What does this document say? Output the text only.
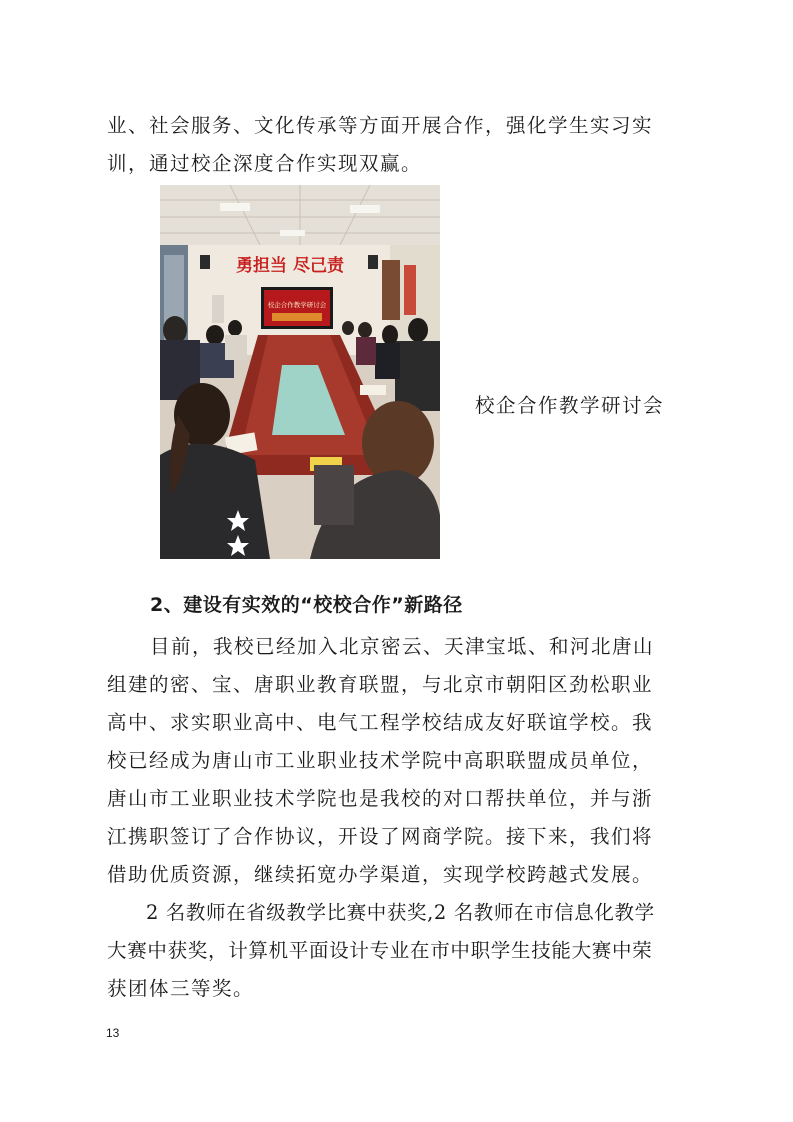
业、社会服务、文化传承等方面开展合作，强化学生实习实
训，通过校企深度合作实现双赢。
勇担当 尽己责
校企合作教学研讨会
校企合作教学研讨会
2、建设有实效的“校校合作”新路径
目前，我校已经加入北京密云、天津宝坻、和河北唐山
组建的密、宝、唐职业教育联盟，与北京市朝阳区劲松职业
高中、求实职业高中、电气工程学校结成友好联谊学校。我
校已经成为唐山市工业职业技术学院中高职联盟成员单位，
唐山市工业职业技术学院也是我校的对口帮扶单位，并与浙
江携职签订了合作协议，开设了网商学院。接下来，我们将
借助优质资源，继续拓宽办学渠道，实现学校跨越式发展。
2 名教师在省级教学比赛中获奖,2 名教师在市信息化教学
大赛中获奖，计算机平面设计专业在市中职学生技能大赛中荣
获团体三等奖。
13
